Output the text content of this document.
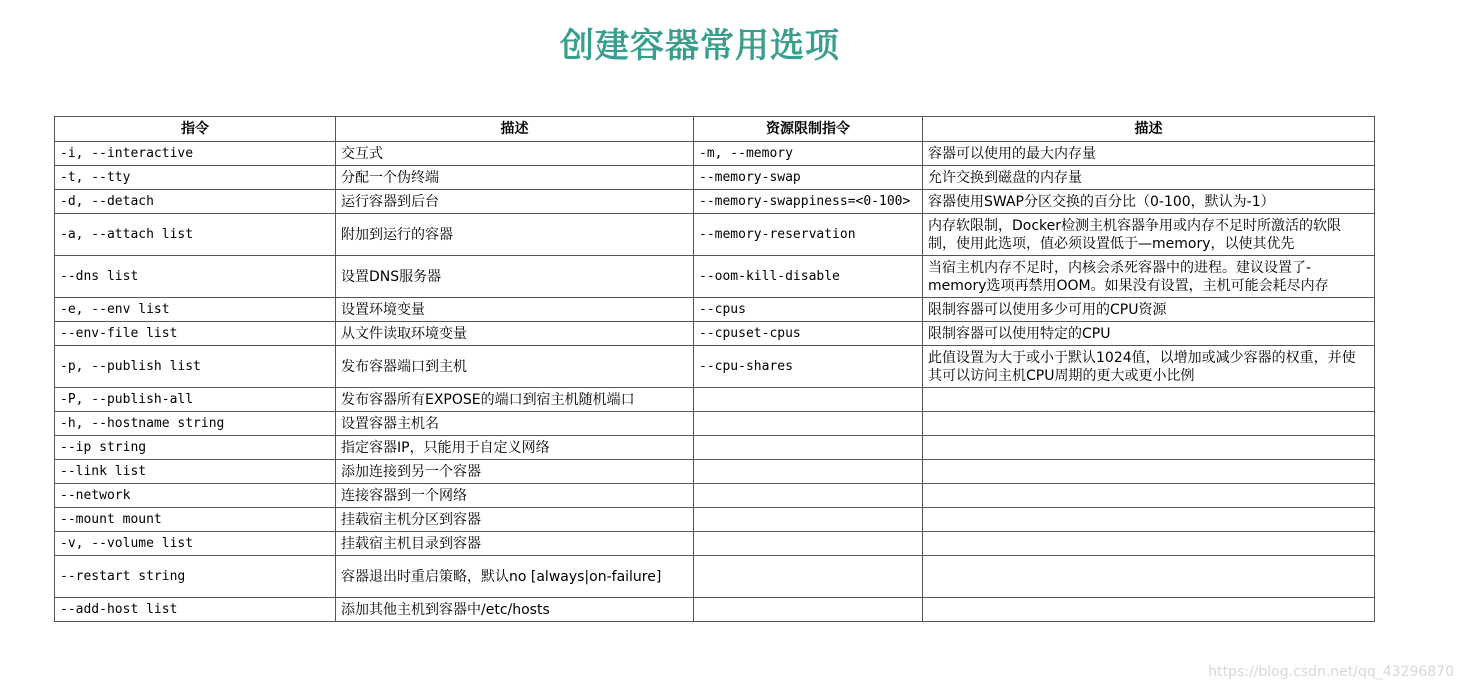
创建容器常用选项
指令	描述	资源限制指令	描述
-i, --interactive	交互式	-m, --memory	容器可以使用的最大内存量
-t, --tty	分配一个伪终端	--memory-swap	允许交换到磁盘的内存量
-d, --detach	运行容器到后台	--memory-swappiness=<0-100>	容器使用SWAP分区交换的百分比（0-100，默认为-1）
-a, --attach list	附加到运行的容器	--memory-reservation	内存软限制，Docker检测主机容器争用或内存不足时所激活的软限制，使用此选项，值必须设置低于—memory，以使其优先
--dns list	设置DNS服务器	--oom-kill-disable	当宿主机内存不足时，内核会杀死容器中的进程。建议设置了-memory选项再禁用OOM。如果没有设置，主机可能会耗尽内存
-e, --env list	设置环境变量	--cpus	限制容器可以使用多少可用的CPU资源
--env-file list	从文件读取环境变量	--cpuset-cpus	限制容器可以使用特定的CPU
-p, --publish list	发布容器端口到主机	--cpu-shares	此值设置为大于或小于默认1024值，以增加或减少容器的权重，并使其可以访问主机CPU周期的更大或更小比例
-P, --publish-all	发布容器所有EXPOSE的端口到宿主机随机端口		
-h, --hostname string	设置容器主机名		
--ip string	指定容器IP，只能用于自定义网络		
--link list	添加连接到另一个容器		
--network	连接容器到一个网络		
--mount mount	挂载宿主机分区到容器		
-v, --volume list	挂载宿主机目录到容器		
--restart string	容器退出时重启策略，默认no [always|on-failure]		
--add-host list	添加其他主机到容器中/etc/hosts		
https://blog.csdn.net/qq_43296870
